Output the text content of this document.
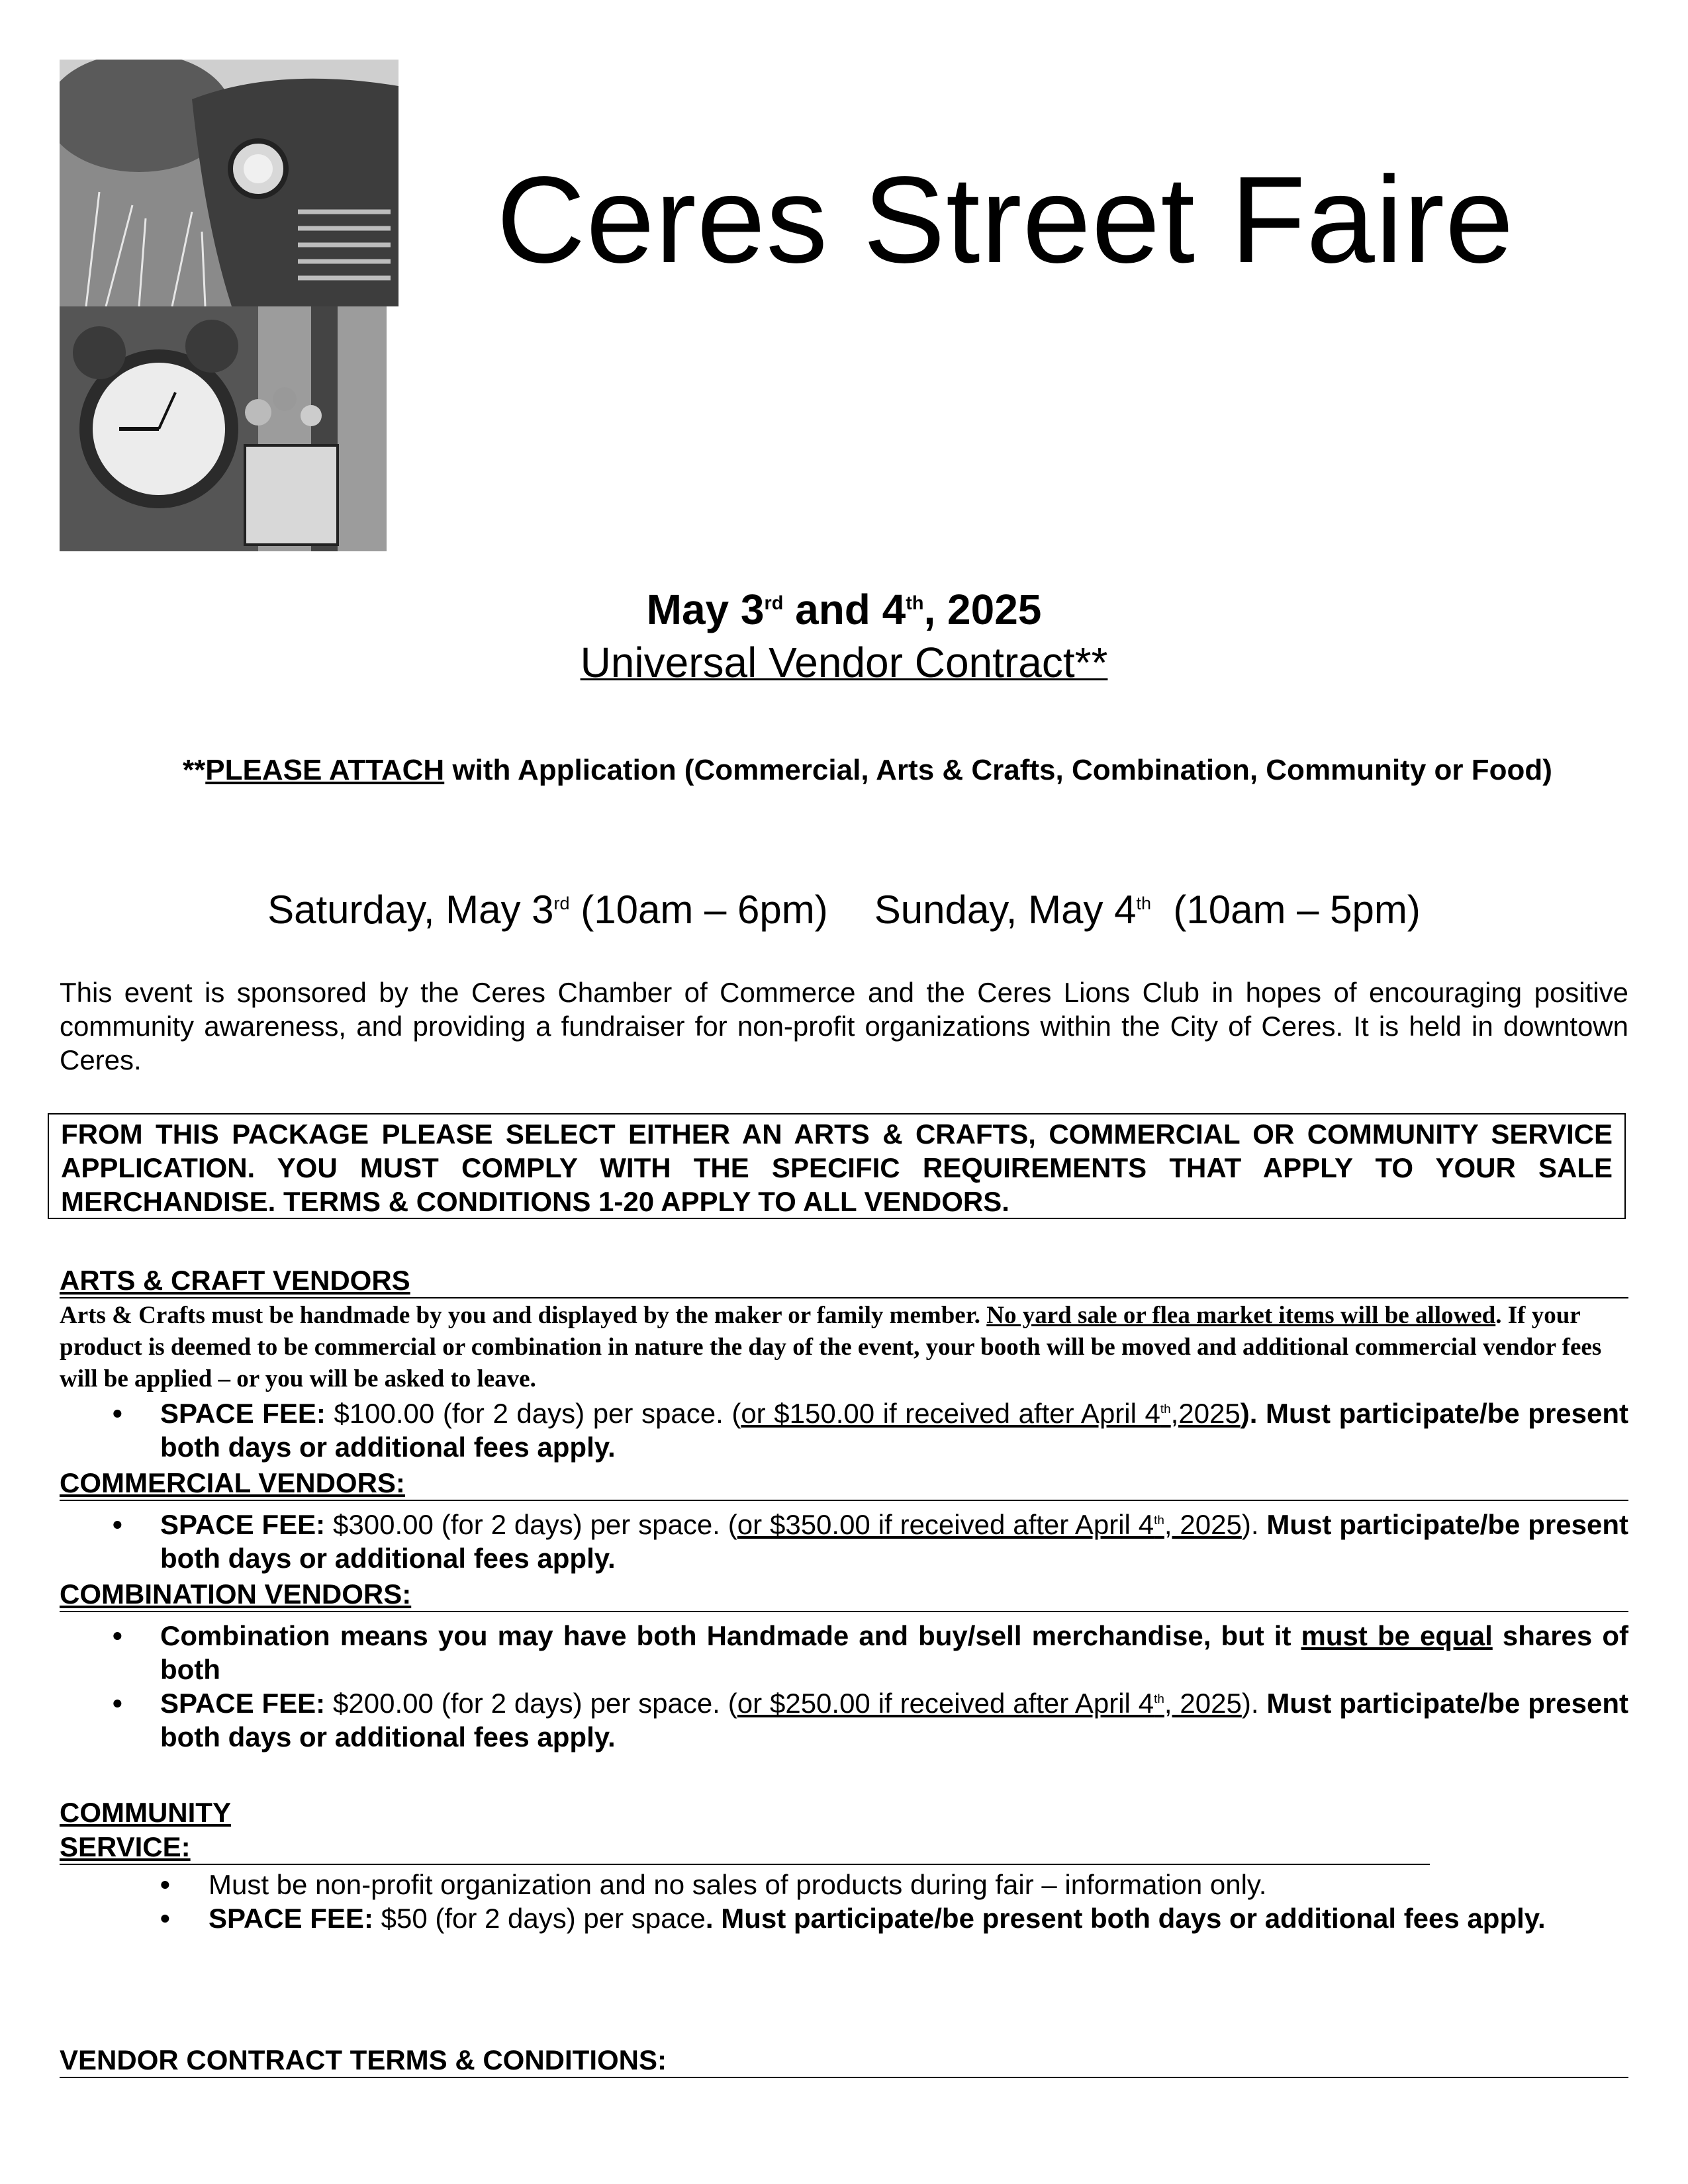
Ceres Street Faire
May 3rd and 4th, 2025
Universal Vendor Contract**
**PLEASE ATTACH with Application (Commercial, Arts & Crafts, Combination, Community or Food)
Saturday, May 3rd (10am – 6pm) Sunday, May 4th  (10am – 5pm)
This event is sponsored by the Ceres Chamber of Commerce and the Ceres Lions Club in hopes of encouraging positive community awareness, and providing a fundraiser for non-profit organizations within the City of Ceres. It is held in downtown Ceres.
FROM THIS PACKAGE PLEASE SELECT EITHER AN ARTS & CRAFTS, COMMERCIAL OR COMMUNITY SERVICE APPLICATION. YOU MUST COMPLY WITH THE SPECIFIC REQUIREMENTS THAT APPLY TO YOUR SALE MERCHANDISE. TERMS & CONDITIONS 1-20 APPLY TO ALL VENDORS.
ARTS & CRAFT VENDORS
Arts & Crafts must be handmade by you and displayed by the maker or family member. No yard sale or flea market items will be allowed. If your product is deemed to be commercial or combination in nature the day of the event, your booth will be moved and additional commercial vendor fees will be applied – or you will be asked to leave.
• SPACE FEE: $100.00 (for 2 days) per space. (or $150.00 if received after April 4th,2025). Must participate/be present both days or additional fees apply.
COMMERCIAL VENDORS:
• SPACE FEE: $300.00 (for 2 days) per space. (or $350.00 if received after April 4th, 2025). Must participate/be present both days or additional fees apply.
COMBINATION VENDORS:
• Combination means you may have both Handmade and buy/sell merchandise, but it must be equal shares of both
• SPACE FEE: $200.00 (for 2 days) per space. (or $250.00 if received after April 4th, 2025). Must participate/be present both days or additional fees apply.
COMMUNITY
SERVICE:
• Must be non-profit organization and no sales of products during fair – information only.
• SPACE FEE: $50 (for 2 days) per space. Must participate/be present both days or additional fees apply.
VENDOR CONTRACT TERMS & CONDITIONS:
